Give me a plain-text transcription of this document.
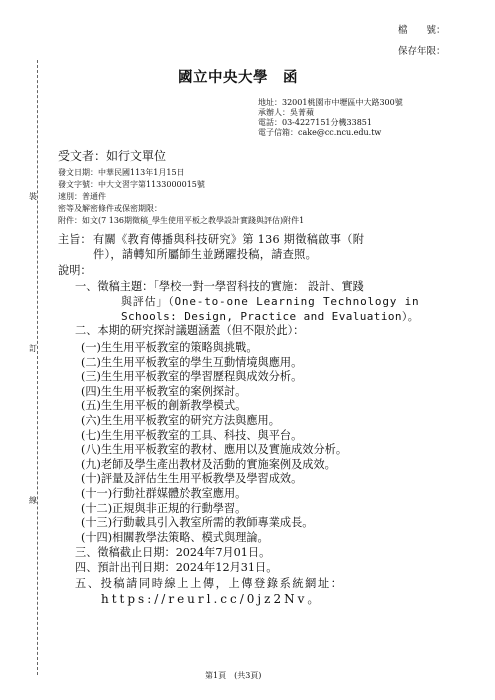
檔　　號：
保存年限：
裝
訂
線
國立中央大學　函
地址：32001桃園市中壢區中大路300號
承辦人：吳菁蘋
電話：03-4227151分機33851
電子信箱：cake@cc.ncu.edu.tw
受文者：如行文單位
發文日期：中華民國113年1月15日
發文字號：中大文習字第1133000015號
速別：普通件
密等及解密條件或保密期限：
附件：如文(7 136期徵稿_學生使用平板之教學設計實踐與評估)附件1
主旨： 有關《教育傳播與科技研究》第 136 期徵稿啟事（附
件），請轉知所屬師生並踴躍投稿，請查照。
說明：
一、徵稿主題：「學校一對一學習科技的實施： 設計、實踐
與評估」（One-to-one Learning Technology in
Schools: Design, Practice and Evaluation）。
二、本期的研究探討議題涵蓋（但不限於此）：
(一)生生用平板教室的策略與挑戰。
(二)生生用平板教室的學生互動情境與應用。
(三)生生用平板教室的學習歷程與成效分析。
(四)生生用平板教室的案例探討。
(五)生生用平板的創新教學模式。
(六)生生用平板教室的研究方法與應用。
(七)生生用平板教室的工具、科技、與平台。
(八)生生用平板教室的教材、應用以及實施成效分析。
(九)老師及學生產出教材及活動的實施案例及成效。
(十)評量及評估生生用平板教學及學習成效。
(十一)行動社群媒體於教室應用。
(十二)正規與非正規的行動學習。
(十三)行動載具引入教室所需的教師專業成長。
(十四)相關教學法策略、模式與理論。
三、徵稿截止日期：2024年7月01日。
四、預計出刊日期：2024年12月31日。
五、投稿請同時線上上傳，上傳登錄系統網址：
https://reurl.cc/0jz2Nv。
第1頁　(共3頁)
